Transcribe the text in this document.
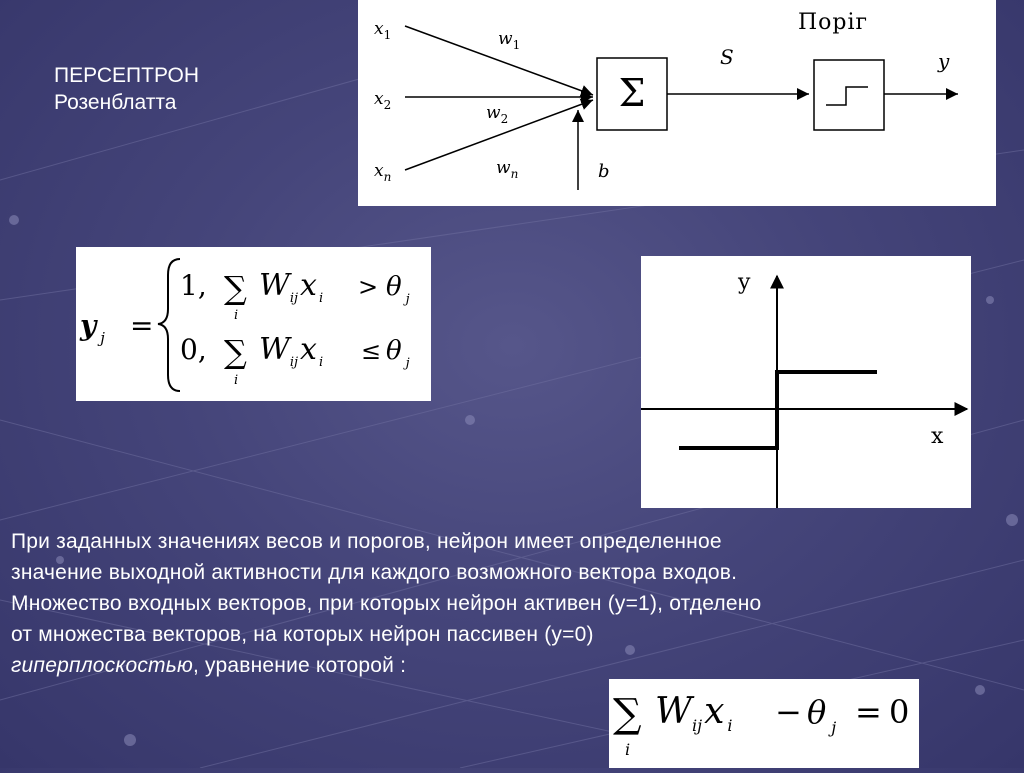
ПЕРСЕПТРОН
Розенблатта
$x_1$
$x_2$
$x_n$
$w_1$
$w_2$
$w_n$	b
S	y
Σ
Поріг
y $_j$ =
1, ∑
i
$W_{ij}x$ $_i$ > θ $_j$
0, ∑
i
$W_{ij}x$ $_i$ ≤ θ $_j$
y
x

При заданных значениях весов и порогов, нейрон имеет определенное

значение выходной активности для каждого возможного вектора входов.

Множество входных векторов, при которых нейрон активен (y=1), отделено

от множества векторов, на которых нейрон пассивен (y=0)

гиперплоскостью, уравнение которой :

∑
i
Wijx i − θj = 0
